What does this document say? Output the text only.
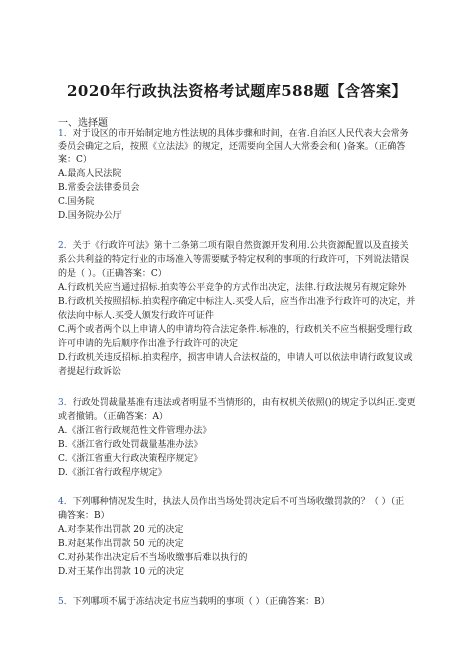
2020年行政执法资格考试题库588题【含答案】
一、选择题
1．对于设区的市开始制定地方性法规的具体步骤和时间，在省.自治区人民代表大会常务
委员会确定之后，按照《立法法》的规定，还需要向全国人大常委会和( )备案。（正确答
案：C）
A.最高人民法院
B.常委会法律委员会
C.国务院
D.国务院办公厅
2．关于《行政许可法》第十二条第二项有限自然资源开发利用.公共资源配置以及直接关
系公共利益的特定行业的市场准入等需要赋予特定权利的事项的行政许可，下列说法错误
的是（ ）。（正确答案：C）
A.行政机关应当通过招标.拍卖等公平竞争的方式作出决定，法律.行政法规另有规定除外
B.行政机关按照招标.拍卖程序确定中标注人.买受人后，应当作出准予行政许可的决定，并
依法向中标人.买受人颁发行政许可证件
C.两个或者两个以上申请人的申请均符合法定条件.标准的，行政机关不应当根据受理行政
许可申请的先后顺序作出准予行政许可的决定
D.行政机关违反招标.拍卖程序，损害申请人合法权益的，申请人可以依法申请行政复议或
者提起行政诉讼
3．行政处罚裁量基准有违法或者明显不当情形的，由有权机关依照()的规定予以纠正.变更
或者撤销。（正确答案：A）
A.《浙江省行政规范性文件管理办法》
B.《浙江省行政处罚裁量基准办法》
C.《浙江省重大行政决策程序规定》
D.《浙江省行政程序规定》
4．下列哪种情况发生时，执法人员作出当场处罚决定后不可当场收缴罚款的？（ ）（正
确答案：B）
A.对李某作出罚款 20 元的决定
B.对赵某作出罚款 50 元的决定
C.对孙某作出决定后不当场收缴事后难以执行的
D.对王某作出罚款 10 元的决定
5．下列哪项不属于冻结决定书应当载明的事项（ ）（正确答案：B）
